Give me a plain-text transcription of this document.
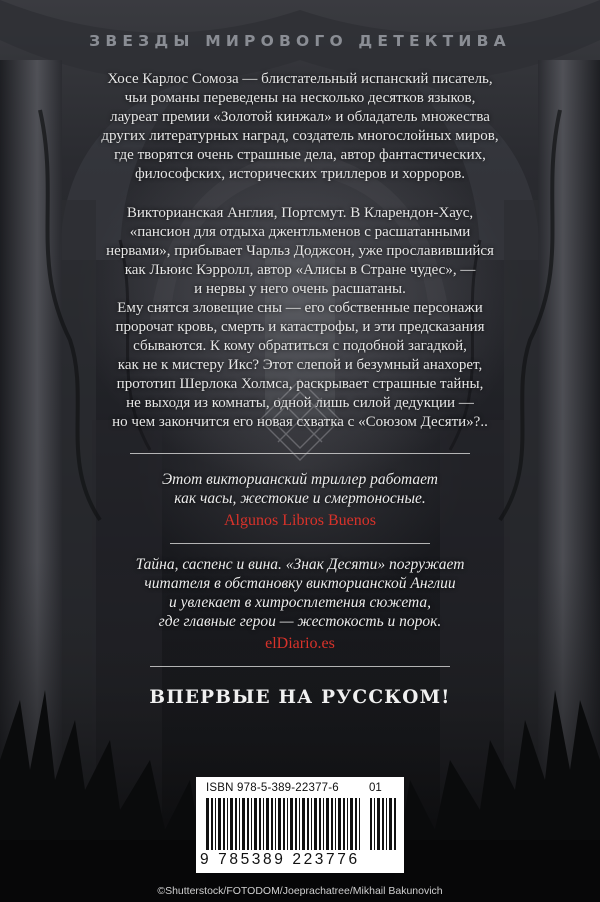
ЗВЕЗДЫ МИРОВОГО ДЕТЕКТИВА

Хосе Карлос Сомоза — блистательный испанский писатель,
чьи романы переведены на несколько десятков языков,
лауреат премии «Золотой кинжал» и обладатель множества
других литературных наград, создатель многослойных миров,
где творятся очень страшные дела, автор фантастических,
философских, исторических триллеров и хорроров.

Викторианская Англия, Портсмут. В Кларендон-Хаус,
«пансион для отдыха джентльменов с расшатанными
нервами», прибывает Чарльз Доджсон, уже прославившийся
как Льюис Кэрролл, автор «Алисы в Стране чудес», —
и нервы у него очень расшатаны.

Ему снятся зловещие сны — его собственные персонажи
пророчат кровь, смерть и катастрофы, и эти предсказания
сбываются. К кому обратиться с подобной загадкой,
как не к мистеру Икс? Этот слепой и безумный анахорет,
прототип Шерлока Холмса, раскрывает страшные тайны,
не выходя из комнаты, одной лишь силой дедукции —
но чем закончится его новая схватка с «Союзом Десяти»?..

Этот викторианский триллер работает
как часы, жестокие и смертоносные.

Algunos Libros Buenos

Тайна, саспенс и вина. «Знак Десяти» погружает
читателя в обстановку викторианской Англии
и увлекает в хитросплетения сюжета,
где главные герои — жестокость и порок.

elDiario.es
ВПЕРВЫЕ НА РУССКОМ!
ISBN 978-5-389-22377-6	01
9 785389 223776
©Shutterstock/FOTODOM/Joeprachatree/Mikhail Bakunovich
